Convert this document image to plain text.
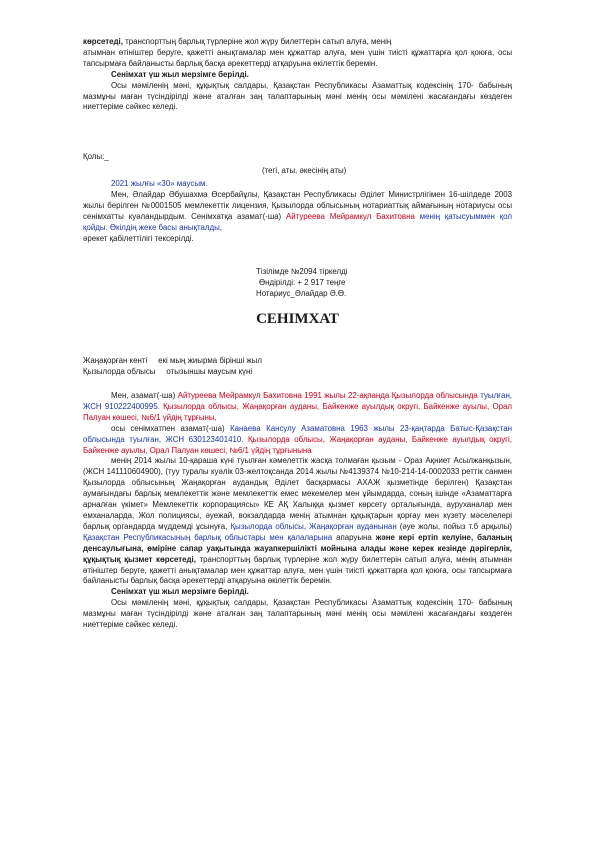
көрсетеді, транспорттың барлық түрлеріне жол жүру билеттерін сатып алуға, менің
атымнан өтініштер беруге, қажетті анықтамалар мен құжаттар алуға, мен үшін тиісті құжаттарға қол қоюға, осы тапсырмаға байланысты барлық басқа әрекеттерді атқаруына өкілеттік беремін.

Сенімхат үш жыл мерзімге берілді.

Осы мәміленің мәні, құқықтық салдары, Қазақстан Республикасы Азаматтық кодексінің 170- бабының мазмұны маған түсіндірілді және аталған заң талаптарының мәні менің осы мәмілені жасағандағы көздеген ниеттеріме сәйкес келеді.

Қолы:_
(тегі, аты, әкесінің аты)

2021 жылғы «30» маусым.

Мен, Әлайдар Әбушахма Өсербайұлы, Қазақстан Республикасы Әділет Министрлігімен 16-шілдеде 2003 жылы берілген №0001505 мемлекеттік лицензия, Қызылорда облысының нотариаттық аймағының нотариусы осы сенімхатты куәландырдым. Сенімхатқа азамат(-ша) Айтуреева Мейрамкул Бахитовна менің қатысуыммен қол қойды. Өкілдің жеке басы анықталды,
әрекет қабілеттілігі тексерілді.

Тізілімде №2094 тіркелді

Өндірілді: + 2 917 теңге

Нотариус_Әлайдар Ә.Ө.

СЕНІМХАТ

Жаңақорған кенті     екі мың жиырма бірінші жыл

Қызылорда облысы     отызыншы маусым күні

Мен, азамат(-ша) Айтуреева Мейрамкул Бахитовна 1991 жылы 22-ақпанда Қызылорда облысында туылған, ЖСН 910222400995. Қызылорда облысы, Жаңақорған ауданы, Байкенже ауылдық округі, Байкенже ауылы, Орал Палуан көшесі, №6/1 үйдің тұрғыны,

осы сенімхатпен азамат(-ша) Канаева Кансулу Азаматовна 1963 жылы 23-қаңтарда Батыс-Қазақстан облысында туылған, ЖСН 630123401410. Қызылорда облысы, Жаңақорған ауданы, Байкенже ауылдық округі, Байкенже ауылы, Орал Палуан көшесі, №6/1 үйдің тұрғынына

менің 2014 жылы 10-қараша күні туылған кәмелеттік жасқа толмаған қызым - Ораз Ақниет Асылжанқызын, (ЖСН 141110604900), (туу туралы куәлік 03-желтоқсанда 2014 жылы №4139374 №10-214-14-0002033 реттік санмен Қызылорда облысының Жаңақорған аудандық Әділет басқармасы АХАЖ қызметінде берілген) Қазақстан аумағындағы барлық мемлекеттік және мемлекеттік емес мекемелер мен ұйымдарда, соның ішінде «Азаматтарға арналған үкімет» Мемлекеттік корпорациясы» КЕ АҚ Халыққа қызмет көрсету орталығында, ауруханалар мен емханаларда, Жол полициясы, әуежай, вокзалдарда менің атымнан құқықтарын қорғау мен күзету мәселелері барлық органдарда мүддемді ұсынуға, Қызылорда облысы, Жаңақорған ауданынан (әуе жолы, пойыз т.б арқылы) Қазақстан Республикасының барлық облыстары мен қалаларына апаруына және кері ертіп келуіне, баланың денсаулығына, өміріне сапар уақытында жауапкершілікті мойнына алады және керек кезінде дәрігерлік, құқықтық қызмет көрсетеді, транспорттың барлық түрлеріне жол жүру билеттерін сатып алуға, менің атымнан өтініштер беруге, қажетті анықтамалар мен құжаттар алуға, мен үшін тиісті құжаттарға қол қоюға, осы тапсырмаға байланысты барлық басқа әрекеттерді атқаруына өкілеттік беремін.

Сенімхат үш жыл мерзімге берілді.

Осы мәміленің мәні, құқықтық салдары, Қазақстан Республикасы Азаматтық кодексінің 170- бабының мазмұны маған түсіндірілді және аталған заң талаптарының мәні менің осы мәмілені жасағандағы көздеген ниеттеріме сәйкес келеді.
